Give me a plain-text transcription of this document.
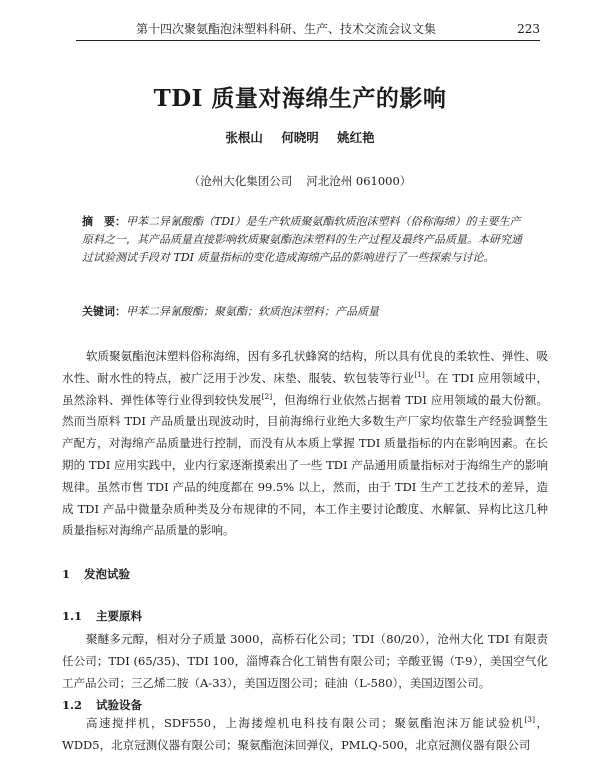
第十四次聚氨酯泡沫塑料科研、生产、技术交流会议文集	223
TDI 质量对海绵生产的影响
张根山 何晓明 姚红艳
（沧州大化集团公司 河北沧州 061000）
摘　要：甲苯二异氰酸酯（TDI）是生产软质聚氨酯软质泡沫塑料（俗称海绵）的主要生产原料之一，其产品质量直接影响软质聚氨酯泡沫塑料的生产过程及最终产品质量。本研究通过试验测试手段对 TDI 质量指标的变化造成海绵产品的影响进行了一些探索与讨论。
关键词：甲苯二异氰酸酯；聚氨酯；软质泡沫塑料；产品质量
软质聚氨酯泡沫塑料俗称海绵，因有多孔状蜂窝的结构，所以具有优良的柔软性、弹性、吸水性、耐水性的特点，被广泛用于沙发、床垫、服装、软包装等行业[1]。在 TDI 应用领域中，虽然涂料、弹性体等行业得到较快发展[2]，但海绵行业依然占据着 TDI 应用领域的最大份额。然而当原料 TDI 产品质量出现波动时，目前海绵行业绝大多数生产厂家均依靠生产经验调整生产配方，对海绵产品质量进行控制，而没有从本质上掌握 TDI 质量指标的内在影响因素。在长期的 TDI 应用实践中，业内行家逐渐摸索出了一些 TDI 产品通用质量指标对于海绵生产的影响规律。虽然市售 TDI 产品的纯度都在 99.5% 以上，然而，由于 TDI 生产工艺技术的差异，造成 TDI 产品中微量杂质种类及分布规律的不同，本工作主要讨论酸度、水解氯、异构比这几种质量指标对海绵产品质量的影响。
1 发泡试验
1.1 主要原料
聚醚多元醇，相对分子质量 3000，高桥石化公司；TDI（80/20），沧州大化 TDI 有限责任公司；TDI (65/35)、TDI 100，淄博森合化工销售有限公司；辛酸亚锡（T-9），美国空气化工产品公司；三乙烯二胺（A-33），美国迈图公司；硅油（L-580），美国迈图公司。
1.2 试验设备
高速搅拌机，SDF550，上海搂煌机电科技有限公司；聚氨酯泡沫万能试验机[3]，WDD5，北京冠测仪器有限公司；聚氨酯泡沫回弹仪，PMLQ-500，北京冠测仪器有限公司
